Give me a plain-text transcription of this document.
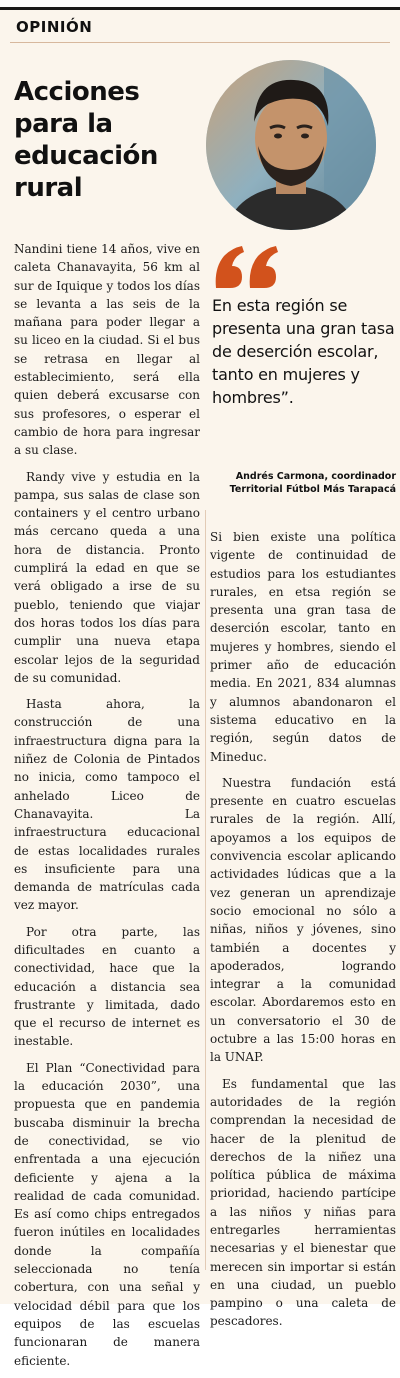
OPINIÓN
Acciones para la educación rural

Nandini tiene 14 años, vive en caleta Chanavayita, 56 km al sur de Iquique y todos los días se levanta a las seis de la mañana para poder llegar a su liceo en la ciudad. Si el bus se retrasa en llegar al establecimiento, será ella quien deberá excusarse con sus profesores, o esperar el cambio de hora para ingresar a su clase.

Randy vive y estudia en la pampa, sus salas de clase son containers y el centro urbano más cercano queda a una hora de distancia. Pronto cumplirá la edad en que se verá obligado a irse de su pueblo, teniendo que viajar dos horas todos los días para cumplir una nueva etapa escolar lejos de la seguridad de su comunidad.

Hasta ahora, la construcción de una infraestructura digna para la niñez de Colonia de Pintados no inicia, como tampoco el anhelado Liceo de Chanavayita. La infraestructura educacional de estas localidades rurales es insuficiente para una demanda de matrículas cada vez mayor.

Por otra parte, las dificultades en cuanto a conectividad, hace que la educación a distancia sea frustrante y limitada, dado que el recurso de internet es inestable.

El Plan “Conectividad para la educación 2030”, una propuesta que en pandemia buscaba disminuir la brecha de conectividad, se vio enfrentada a una ejecución deficiente y ajena a la realidad de cada comunidad. Es así como chips entregados fueron inútiles en localidades donde la compañía seleccionada no tenía cobertura, con una señal y velocidad débil para que los equipos de las escuelas funcionaran de manera eficiente.

En esta región se presenta una gran tasa de deserción escolar, tanto en mujeres y hombres”.
Andrés Carmona, coordinador
Territorial Fútbol Más Tarapacá

Si bien existe una política vigente de continuidad de estudios para los estudiantes rurales, en etsa región se presenta una gran tasa de deserción escolar, tanto en mujeres y hombres, siendo el primer año de educación media. En 2021, 834 alumnas y alumnos abandonaron el sistema educativo en la región, según datos de Mineduc.

Nuestra fundación está presente en cuatro escuelas rurales de la región. Allí, apoyamos a los equipos de convivencia escolar aplicando actividades lúdicas que a la vez generan un aprendizaje socio emocional no sólo a niñas, niños y jóvenes, sino también a docentes y apoderados, logrando integrar a la comunidad escolar. Abordaremos esto en un conversatorio el 30 de octubre a las 15:00 horas en la UNAP.

Es fundamental que las autoridades de la región comprendan la necesidad de hacer de la plenitud de derechos de la niñez una política pública de máxima prioridad, haciendo partícipe a las niños y niñas para entregarles herramientas necesarias y el bienestar que merecen sin importar si están en una ciudad, un pueblo pampino o una caleta de pescadores.
